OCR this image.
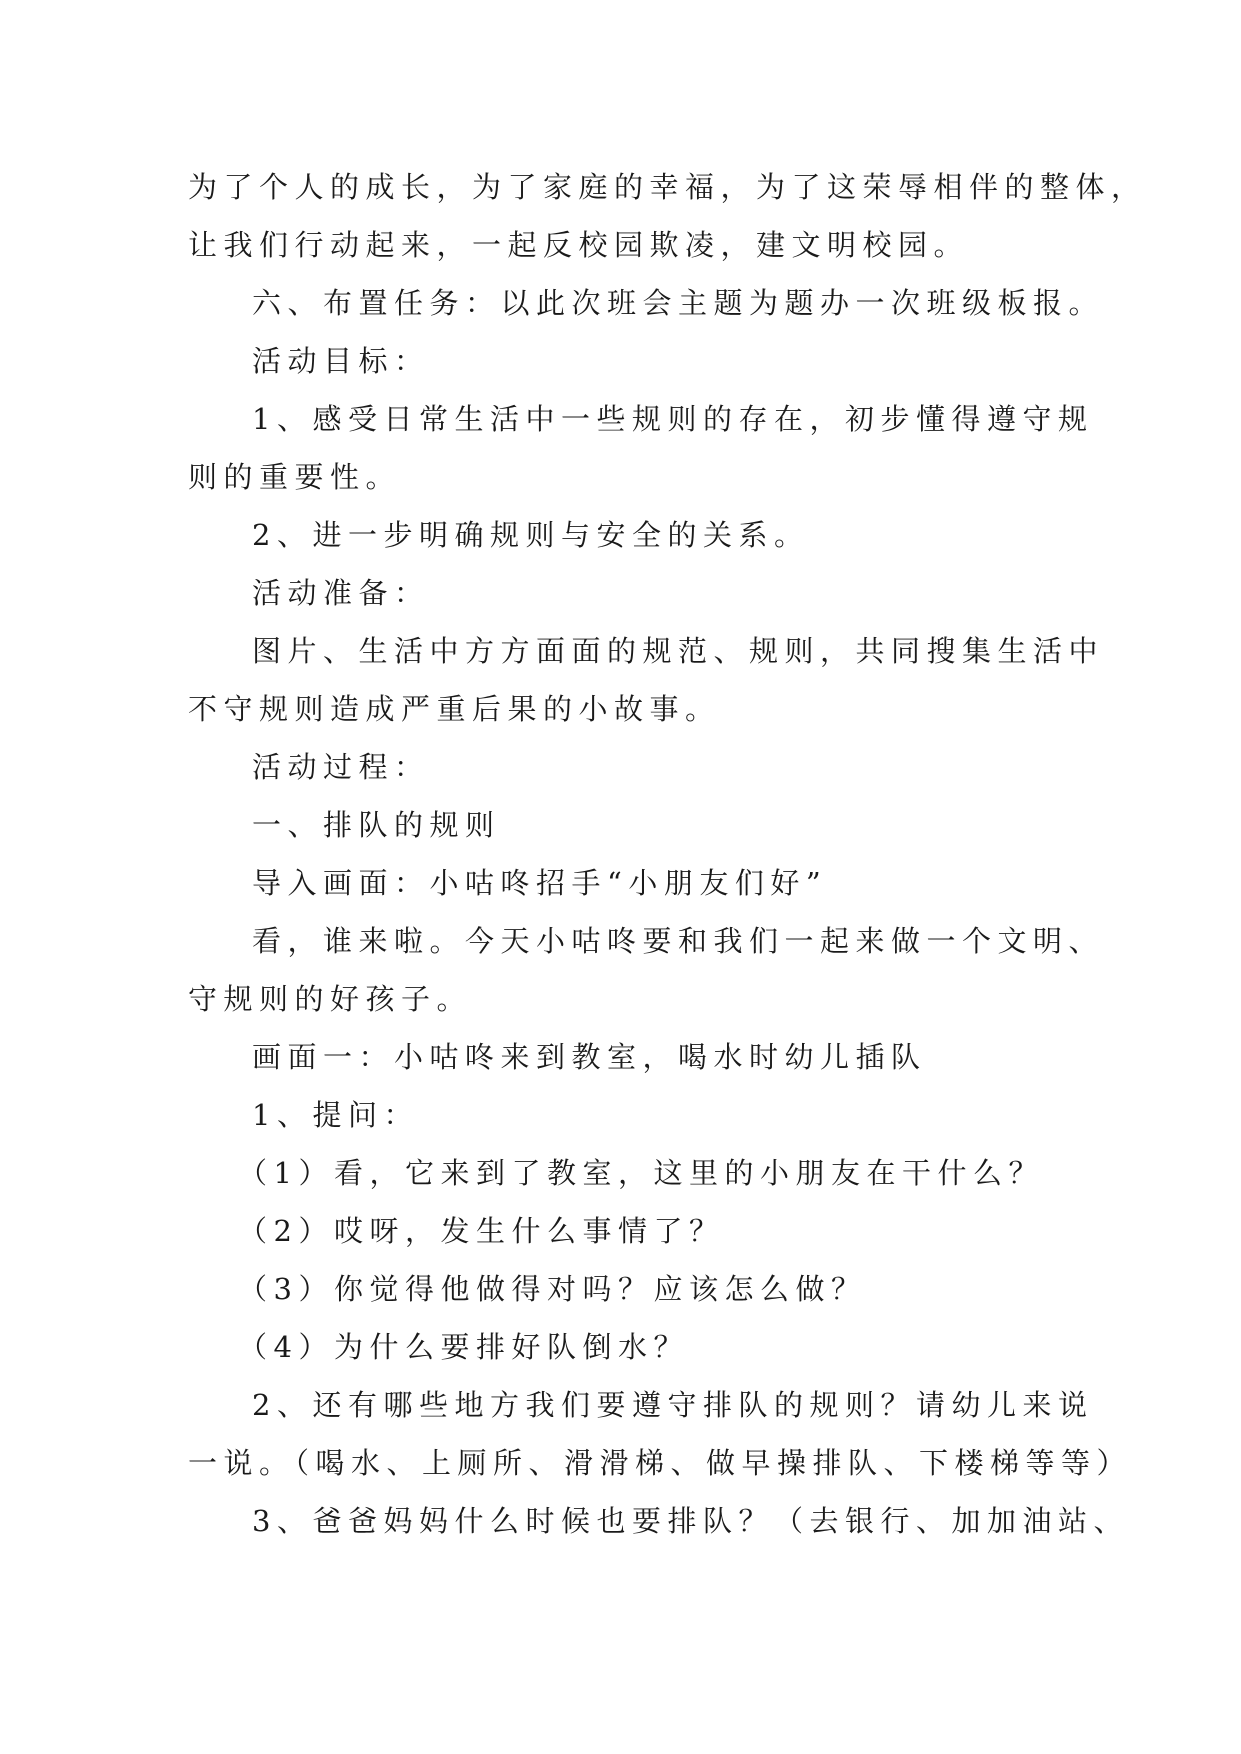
为了个人的成长，为了家庭的幸福，为了这荣辱相伴的整体，
让我们行动起来，一起反校园欺凌，建文明校园。
六、布置任务：以此次班会主题为题办一次班级板报。
活动目标：
1、感受日常生活中一些规则的存在，初步懂得遵守规
则的重要性。
2、进一步明确规则与安全的关系。
活动准备：
图片、生活中方方面面的规范、规则，共同搜集生活中
不守规则造成严重后果的小故事。
活动过程：
一、排队的规则
导入画面：小咕咚招手“小朋友们好”
看，谁来啦。今天小咕咚要和我们一起来做一个文明、
守规则的好孩子。
画面一：小咕咚来到教室，喝水时幼儿插队
1、提问：
（1）看，它来到了教室，这里的小朋友在干什么？
（2）哎呀，发生什么事情了？
（3）你觉得他做得对吗？应该怎么做？
（4）为什么要排好队倒水？
2、还有哪些地方我们要遵守排队的规则？请幼儿来说
一说。（喝水、上厕所、滑滑梯、做早操排队、下楼梯等等）
3、爸爸妈妈什么时候也要排队？（去银行、加加油站、
